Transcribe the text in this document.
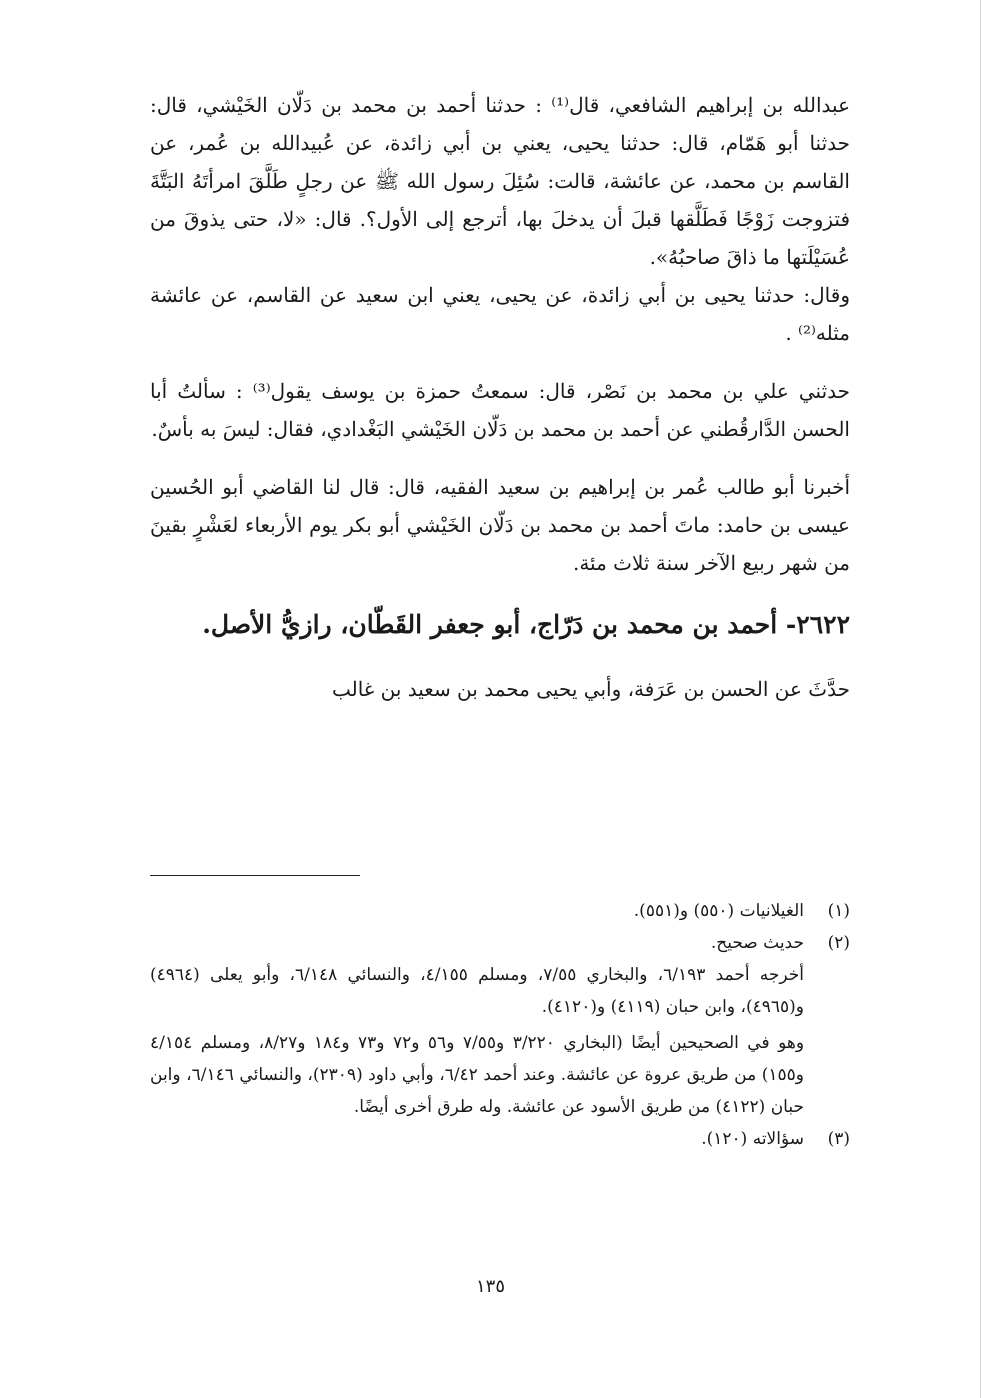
عبدالله بن إبراهيم الشافعي، قال⁽¹⁾ : حدثنا أحمد بن محمد بن دَلّان الخَيْشي، قال: حدثنا أبو هَمّام، قال: حدثنا يحيى، يعني بن أبي زائدة، عن عُبيدالله بن عُمر، عن القاسم بن محمد، عن عائشة، قالت: سُئِلَ رسول الله ﷺ عن رجلٍ طَلَّقَ امرأتَهُ البَتَّةَ فتزوجت زَوْجًا فَطَلَّقها قبلَ أن يدخلَ بها، أترجع إلى الأول؟. قال: «لا، حتى يذوقَ من عُسَيْلَتها ما ذاقَ صاحبُهُ».

وقال: حدثنا يحيى بن أبي زائدة، عن يحيى، يعني ابن سعيد عن القاسم، عن عائشة مثله⁽²⁾ .

حدثني علي بن محمد بن نَصْر، قال: سمعتُ حمزة بن يوسف يقول⁽³⁾ : سألتُ أبا الحسن الدَّارقُطني عن أحمد بن محمد بن دَلّان الخَيْشي البَغْدادي، فقال: ليسَ به بأسٌ.

أخبرنا أبو طالب عُمر بن إبراهيم بن سعيد الفقيه، قال: قال لنا القاضي أبو الحُسين عيسى بن حامد: ماتَ أحمد بن محمد بن دَلّان الخَيْشي أبو بكر يوم الأربعاء لعَشْرٍ بقينَ من شهر ربيع الآخر سنة ثلاث مئة.

٢٦٢٢- أحمد بن محمد بن دَرّاج، أبو جعفر القَطّان، رازيُّ الأصل.

حدَّثَ عن الحسن بن عَرَفة، وأبي يحيى محمد بن سعيد بن غالب

(١)
الغيلانيات (٥٥٠) و(٥٥١).
(٢)
حديث صحيح.

أخرجه أحمد ٦/١٩٣، والبخاري ٧/٥٥، ومسلم ٤/١٥٥، والنسائي ٦/١٤٨، وأبو يعلى (٤٩٦٤) و(٤٩٦٥)، وابن حبان (٤١١٩) و(٤١٢٠).

وهو في الصحيحين أيضًا (البخاري ٣/٢٢٠ و٧/٥٥ و٥٦ و٧٢ و٧٣ و١٨٤ و٨/٢٧، ومسلم ٤/١٥٤ و١٥٥) من طريق عروة عن عائشة. وعند أحمد ٦/٤٢، وأبي داود (٢٣٠٩)، والنسائي ٦/١٤٦، وابن حبان (٤١٢٢) من طريق الأسود عن عائشة. وله طرق أخرى أيضًا.

(٣)
سؤالاته (١٢٠).
١٣٥
